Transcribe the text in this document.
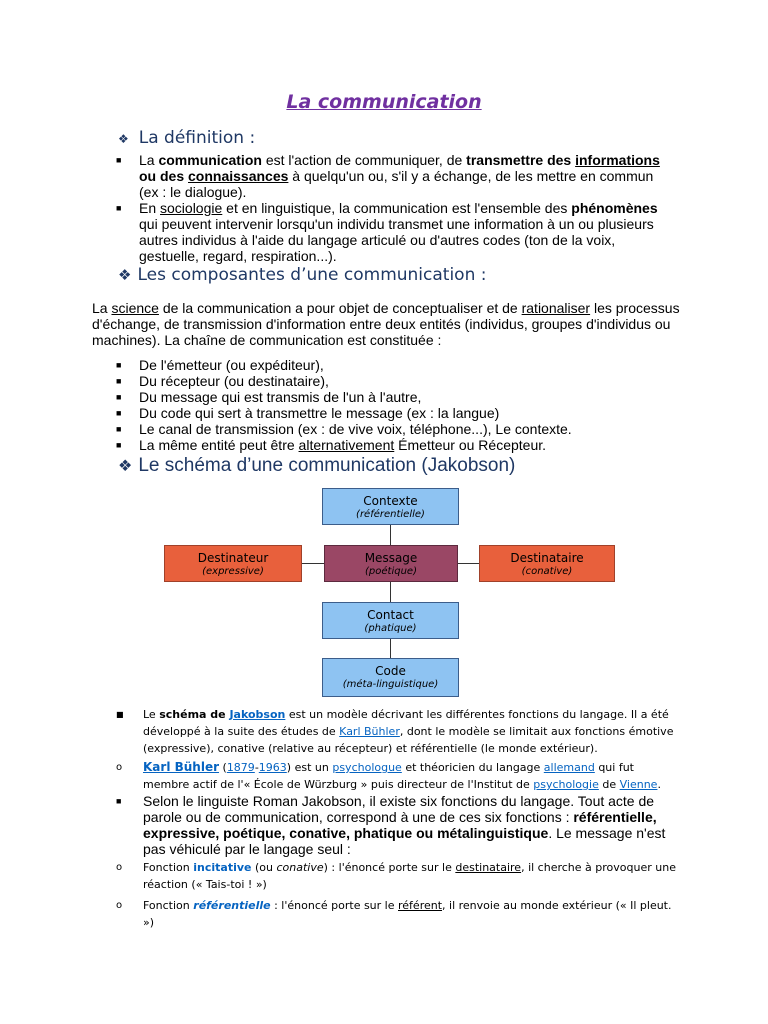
La communication
❖ La définition :
■ La communication est l'action de communiquer, de transmettre des informations
ou des connaissances à quelqu'un ou, s'il y a échange, de les mettre en commun (ex : le dialogue).
■ En sociologie et en linguistique, la communication est l'ensemble des phénomènes qui peuvent intervenir lorsqu'un individu transmet une information à un ou plusieurs autres individus à l'aide du langage articulé ou d'autres codes (ton de la voix, gestuelle, regard, respiration...).
❖ Les composantes d’une communication :
La science de la communication a pour objet de conceptualiser et de rationaliser les processus d'échange, de transmission d'information entre deux entités (individus, groupes d'individus ou machines). La chaîne de communication est constituée :
■ De l'émetteur (ou expéditeur),
■ Du récepteur (ou destinataire),
■ Du message qui est transmis de l'un à l'autre,
■ Du code qui sert à transmettre le message (ex : la langue)
■ Le canal de transmission (ex : de vive voix, téléphone...), Le contexte.
■ La même entité peut être alternativement Émetteur ou Récepteur.
❖ Le schéma d’une communication (Jakobson)
Contexte
(référentielle)
Destinateur
(expressive)
Message
(poétique)
Destinataire
(conative)
Contact
(phatique)
Code
(méta-linguistique)
■ Le schéma de Jakobson est un modèle décrivant les différentes fonctions du langage. Il a été développé à la suite des études de Karl Bühler, dont le modèle se limitait aux fonctions émotive (expressive), conative (relative au récepteur) et référentielle (le monde extérieur).
o Karl Bühler (1879-1963) est un psychologue et théoricien du langage allemand qui fut membre actif de l'« École de Würzburg » puis directeur de l'Institut de psychologie de Vienne.
■ Selon le linguiste Roman Jakobson, il existe six fonctions du langage. Tout acte de parole ou de communication, correspond à une de ces six fonctions : référentielle, expressive, poétique, conative, phatique ou métalinguistique. Le message n'est pas véhiculé par le langage seul :
o Fonction incitative (ou conative) : l'énoncé porte sur le destinataire, il cherche à provoquer une réaction (« Tais-toi ! »)
o Fonction référentielle : l'énoncé porte sur le référent, il renvoie au monde extérieur (« Il pleut. »)
